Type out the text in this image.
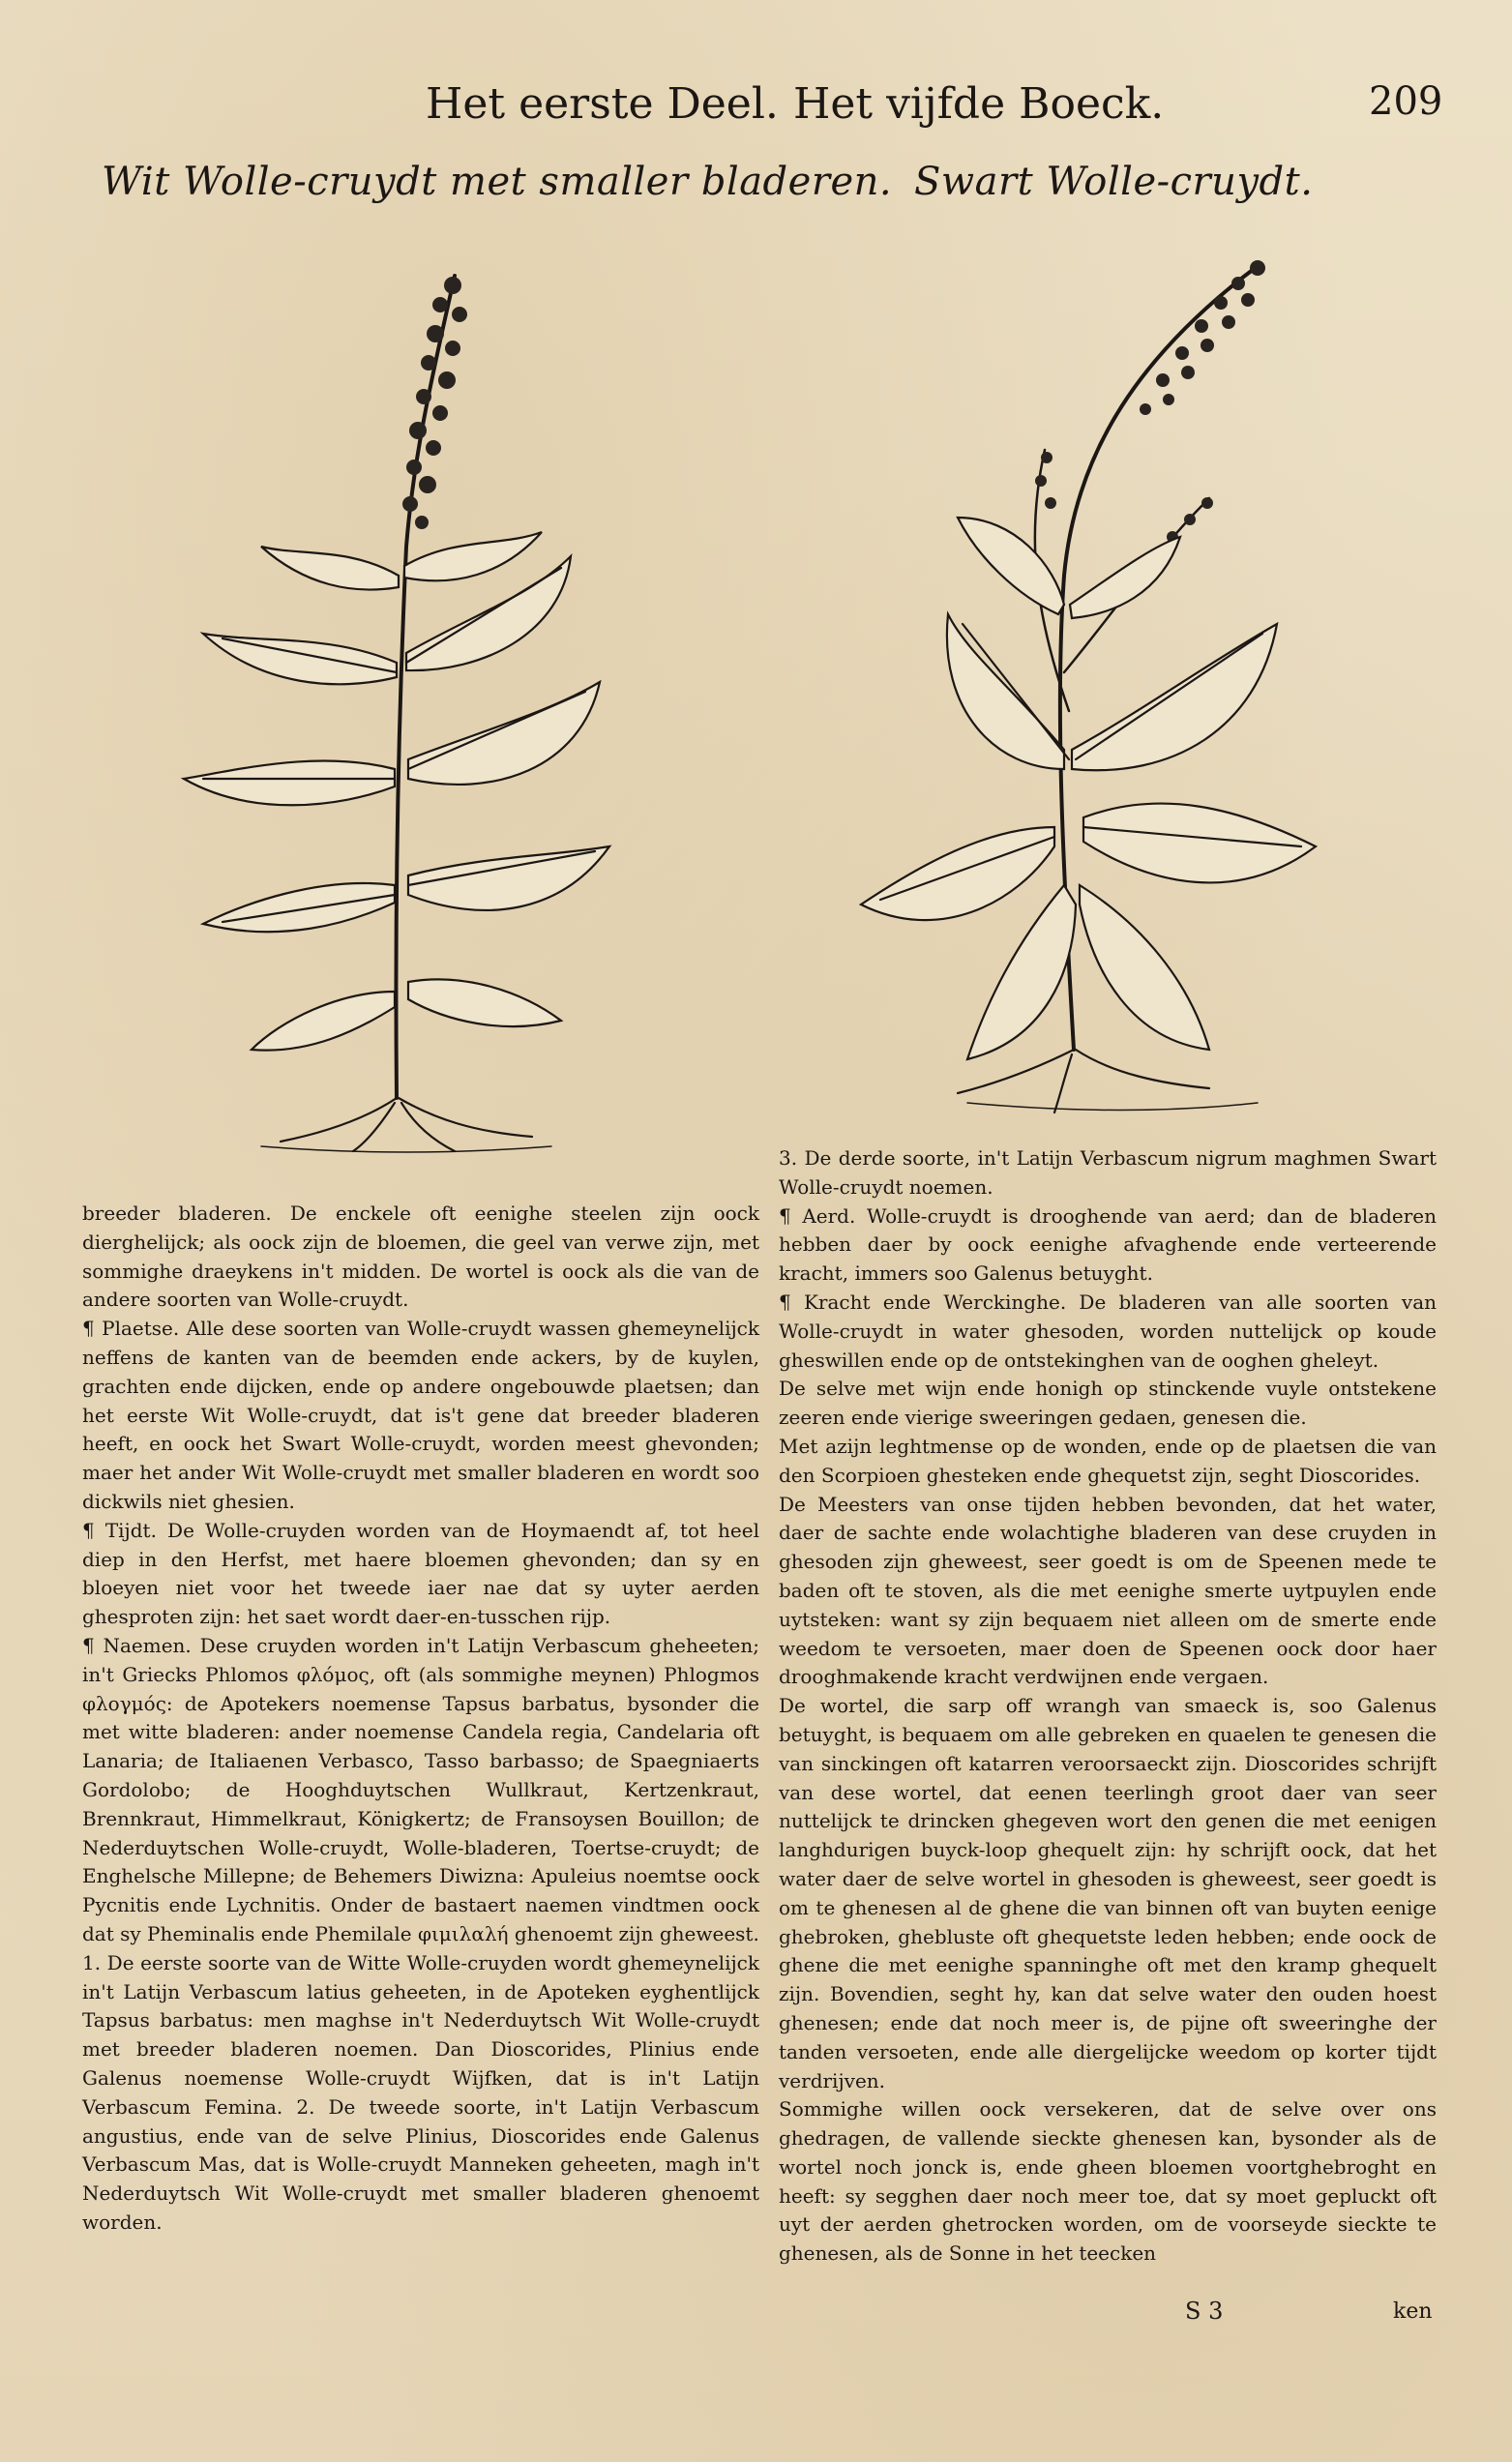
Het eerste Deel. Het vijfde Boeck.	209
Wit Wolle-cruydt met smaller bladeren. Swart Wolle-cruydt.
breeder bladeren. De enckele oft eenighe steelen zijn oock dierghelijck; als oock zijn de bloemen, die geel van verwe zijn, met sommighe draeykens in't midden. De wortel is oock als die van de andere soorten van Wolle-cruydt.
¶ Plaetse. Alle dese soorten van Wolle-cruydt wassen ghemeynelijck neffens de kanten van de beemden ende ackers, by de kuylen, grachten ende dijcken, ende op andere ongebouwde plaetsen; dan het eerste Wit Wolle-cruydt, dat is't gene dat breeder bladeren heeft, en oock het Swart Wolle-cruydt, worden meest ghevonden; maer het ander Wit Wolle-cruydt met smaller bladeren en wordt soo dickwils niet ghesien.
¶ Tijdt. De Wolle-cruyden worden van de Hoymaendt af, tot heel diep in den Herfst, met haere bloemen ghevonden; dan sy en bloeyen niet voor het tweede iaer nae dat sy uyter aerden ghesproten zijn: het saet wordt daer-en-tusschen rijp.
¶ Naemen. Dese cruyden worden in't Latijn Verbascum gheheeten; in't Griecks Phlomos φλόμος, oft (als sommighe meynen) Phlogmos φλογμός: de Apotekers noemense Tapsus barbatus, bysonder die met witte bladeren: ander noemense Candela regia, Candelaria oft Lanaria; de Italiaenen Verbasco, Tasso barbasso; de Spaegniaerts Gordolobo; de Hooghduytschen Wullkraut, Kertzenkraut, Brennkraut, Himmelkraut, Königkertz; de Fransoysen Bouillon; de Nederduytschen Wolle-cruydt, Wolle-bladeren, Toertse-cruydt; de Enghelsche Millepne; de Behemers Diwizna: Apuleius noemtse oock Pycnitis ende Lychnitis. Onder de bastaert naemen vindtmen oock dat sy Pheminalis ende Phemilale φιμιλαλή ghenoemt zijn gheweest.
1. De eerste soorte van de Witte Wolle-cruyden wordt ghemeynelijck in't Latijn Verbascum latius geheeten, in de Apoteken eyghentlijck Tapsus barbatus: men maghse in't Nederduytsch Wit Wolle-cruydt met breeder bladeren noemen. Dan Dioscorides, Plinius ende Galenus noemense Wolle-cruydt Wijfken, dat is in't Latijn Verbascum Femina. 2. De tweede soorte, in't Latijn Verbascum angustius, ende van de selve Plinius, Dioscorides ende Galenus Verbascum Mas, dat is Wolle-cruydt Manneken geheeten, magh in't Nederduytsch Wit Wolle-cruydt met smaller bladeren ghenoemt worden.
3. De derde soorte, in't Latijn Verbascum nigrum maghmen Swart Wolle-cruydt noemen.
¶ Aerd. Wolle-cruydt is drooghende van aerd; dan de bladeren hebben daer by oock eenighe afvaghende ende verteerende kracht, immers soo Galenus betuyght.
¶ Kracht ende Werckinghe. De bladeren van alle soorten van Wolle-cruydt in water ghesoden, worden nuttelijck op koude gheswillen ende op de ontstekinghen van de ooghen gheleyt.
De selve met wijn ende honigh op stinckende vuyle ontstekene zeeren ende vierige sweeringen gedaen, genesen die.
Met azijn leghtmense op de wonden, ende op de plaetsen die van den Scorpioen ghesteken ende ghequetst zijn, seght Dioscorides.
De Meesters van onse tijden hebben bevonden, dat het water, daer de sachte ende wolachtighe bladeren van dese cruyden in ghesoden zijn gheweest, seer goedt is om de Speenen mede te baden oft te stoven, als die met eenighe smerte uytpuylen ende uytsteken: want sy zijn bequaem niet alleen om de smerte ende weedom te versoeten, maer doen de Speenen oock door haer drooghmakende kracht verdwijnen ende vergaen.
De wortel, die sarp off wrangh van smaeck is, soo Galenus betuyght, is bequaem om alle gebreken en quaelen te genesen die van sinckingen oft katarren veroorsaeckt zijn. Dioscorides schrijft van dese wortel, dat eenen teerlingh groot daer van seer nuttelijck te drincken ghegeven wort den genen die met eenigen langhdurigen buyck-loop ghequelt zijn: hy schrijft oock, dat het water daer de selve wortel in ghesoden is gheweest, seer goedt is om te ghenesen al de ghene die van binnen oft van buyten eenige ghebroken, ghebluste oft ghequetste leden hebben; ende oock de ghene die met eenighe spanninghe oft met den kramp ghequelt zijn. Bovendien, seght hy, kan dat selve water den ouden hoest ghenesen; ende dat noch meer is, de pijne oft sweeringhe der tanden versoeten, ende alle diergelijcke weedom op korter tijdt verdrijven.
Sommighe willen oock versekeren, dat de selve over ons ghedragen, de vallende sieckte ghenesen kan, bysonder als de wortel noch jonck is, ende gheen bloemen voortghebroght en heeft: sy segghen daer noch meer toe, dat sy moet gepluckt oft uyt der aerden ghetrocken worden, om de voorseyde sieckte te ghenesen, als de Sonne in het teecken
S 3	ken
